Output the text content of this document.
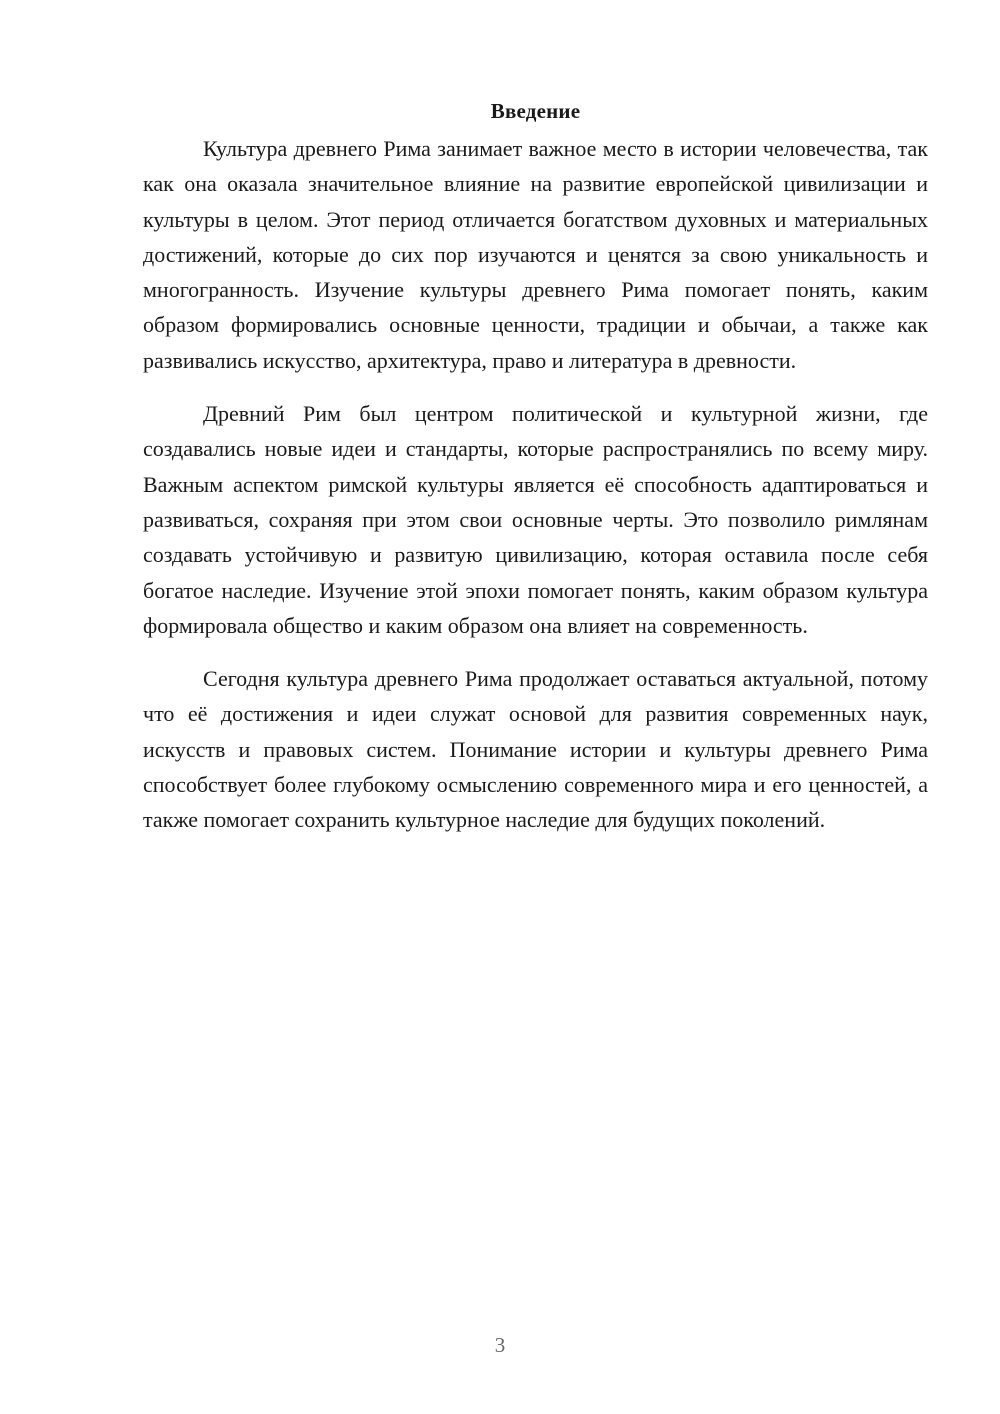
Введение

Культура древнего Рима занимает важное место в истории человечества, так как она оказала значительное влияние на развитие европейской цивилизации и культуры в целом. Этот период отличается богатством духовных и материальных достижений, которые до сих пор изучаются и ценятся за свою уникальность и многогранность. Изучение культуры древнего Рима помогает понять, каким образом формировались основные ценности, традиции и обычаи, а также как развивались искусство, архитектура, право и литература в древности.

Древний Рим был центром политической и культурной жизни, где создавались новые идеи и стандарты, которые распространялись по всему миру. Важным аспектом римской культуры является её способность адаптироваться и развиваться, сохраняя при этом свои основные черты. Это позволило римлянам создавать устойчивую и развитую цивилизацию, которая оставила после себя богатое наследие. Изучение этой эпохи помогает понять, каким образом культура формировала общество и каким образом она влияет на современность.

Сегодня культура древнего Рима продолжает оставаться актуальной, потому что её достижения и идеи служат основой для развития современных наук, искусств и правовых систем. Понимание истории и культуры древнего Рима способствует более глубокому осмыслению современного мира и его ценностей, а также помогает сохранить культурное наследие для будущих поколений.

3
